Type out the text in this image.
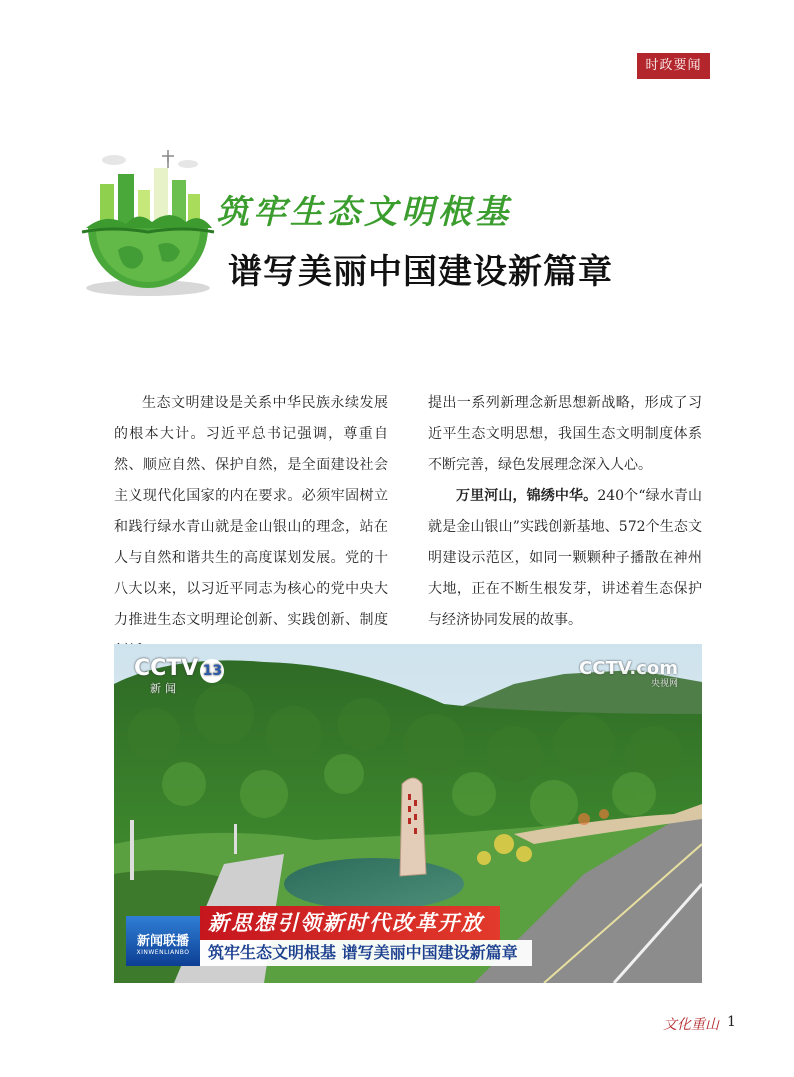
时政要闻
筑牢生态文明根基
谱写美丽中国建设新篇章

生态文明建设是关系中华民族永续发展的根本大计。习近平总书记强调，尊重自然、顺应自然、保护自然，是全面建设社会主义现代化国家的内在要求。必须牢固树立和践行绿水青山就是金山银山的理念，站在人与自然和谐共生的高度谋划发展。党的十八大以来，以习近平同志为核心的党中央大力推进生态文明理论创新、实践创新、制度

提出一系列新理念新思想新战略，形成了习近平生态文明思想，我国生态文明制度体系不断完善，绿色发展理念深入人心。

万里河山，锦绣中华。240个“绿水青山就是金山银山”实践创新基地、572个生态文明建设示范区，如同一颗颗种子播散在神州大地，正在不断生根发芽，讲述着生态保护与经济协同发展的故事。

CCTV 13
新闻
CCTV.com
央视网
新闻联播
XINWENLIANBO
新思想引领新时代改革开放
筑牢生态文明根基 谱写美丽中国建设新篇章
文化重山 1
